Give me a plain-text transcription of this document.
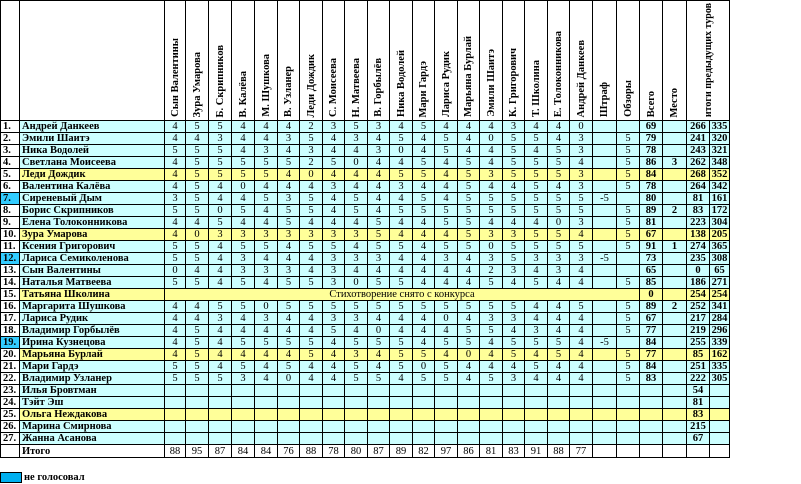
		Сын Валентины	Зура Умарова	Б. Скрипников	В. Калёва	М. Шушкова	В. Узланер	Леди Дождик	С. Моисеева	Н. Матвеева	В. Горбылёв	Ника Водолей	Мари Гардэ	Лариса Рудик	Марьяна Бурлай	Эмили Шаитэ	К. Григорович	Т. Школина	Е. Толоконникова	Андрей Данкеев	Штраф	Обзоры	Всего	Место	итоги предыдущих туров	
1.	Андрей Данкеев	4	5	5	4	4	4	2	3	5	3	4	5	4	4	4	3	4	4	0			69		266	335
2.	Эмили Шаитэ	4	4	3	4	4	3	5	4	3	4	5	4	5	4	0	5	5	4	3		5	79		241	320
3.	Ника Водолей	5	5	5	4	3	4	3	4	4	3	0	4	5	4	4	5	4	5	3		5	78		243	321
4.	Светлана Моисеева	4	5	5	5	5	5	2	5	0	4	4	5	4	5	4	5	5	5	4		5	86	3	262	348
5.	Леди Дождик	4	5	5	5	5	4	0	4	4	4	5	5	4	5	3	5	5	5	3		5	84		268	352
6.	Валентина Калёва	4	5	4	0	4	4	4	3	4	4	3	4	4	5	4	4	5	4	3		5	78		264	342
7.	Сиреневый Дым	3	5	4	4	5	3	5	4	5	4	4	5	4	5	5	5	5	5	5	-5		80		81	161
8.	Борис Скрипников	5	5	0	5	4	5	5	4	5	4	5	5	5	5	5	5	5	5	5		5	89	2	83	172
9.	Елена Толоконникова	4	4	5	4	4	5	4	4	4	5	4	4	5	5	4	4	4	0	3		5	81		223	304
10.	Зура Умарова	4	0	3	3	3	3	3	3	3	5	4	4	4	5	3	3	5	5	4		5	67		138	205
11.	Ксения Григорович	5	5	4	5	5	4	5	5	4	5	5	4	5	5	0	5	5	5	5		5	91	1	274	365
12.	Лариса Семиколенова	5	5	4	3	4	4	4	3	3	3	4	4	3	4	3	5	3	3	3	-5		73		235	308
13.	Сын Валентины	0	4	4	3	3	3	4	3	4	4	4	4	4	4	2	3	4	3	4			65		0	65
14.	Наталья Матвеева	5	5	4	5	4	5	5	3	0	5	5	4	4	4	5	4	5	4	4		5	85		186	271
15.	Татьяна Школина	Стихотворение снято с конкурса																					0		254	254
16.	Маргарита Шушкова	4	4	5	5	0	5	5	5	5	5	5	5	5	5	5	5	4	4	5		5	89	2	252	341
17.	Лариса Рудик	4	4	3	4	3	4	4	3	3	4	4	4	0	4	3	3	4	4	4		5	67		217	284
18.	Владимир Горбылёв	4	5	4	4	4	4	4	5	4	0	4	4	4	5	5	4	3	4	4		5	77		219	296
19.	Ирина Кузнецова	4	5	4	5	5	5	5	4	5	5	5	4	5	5	4	5	5	5	4	-5		84		255	339
20.	Марьяна Бурлай	4	5	4	4	4	4	5	4	3	4	5	5	4	0	4	5	4	5	4		5	77		85	162
21.	Мари Гардэ	5	5	4	5	4	5	4	4	5	4	5	0	5	4	4	4	5	4	4		5	84		251	335
22.	Владимир Узланер	5	5	5	3	4	0	4	4	5	5	4	5	5	4	5	3	4	4	4		5	83		222	305
23.	Илья Бровтман																								54	
24.	Тэйт Эш																								81	
25.	Ольга Неждакова																								83	
26.	Марина Смирнова																								215	
27.	Жанна Асанова																								67	
	Итого	88	95	87	84	84	76	88	78	80	87	89	82	97	86	81	83	91	88	77						
не голосовал
